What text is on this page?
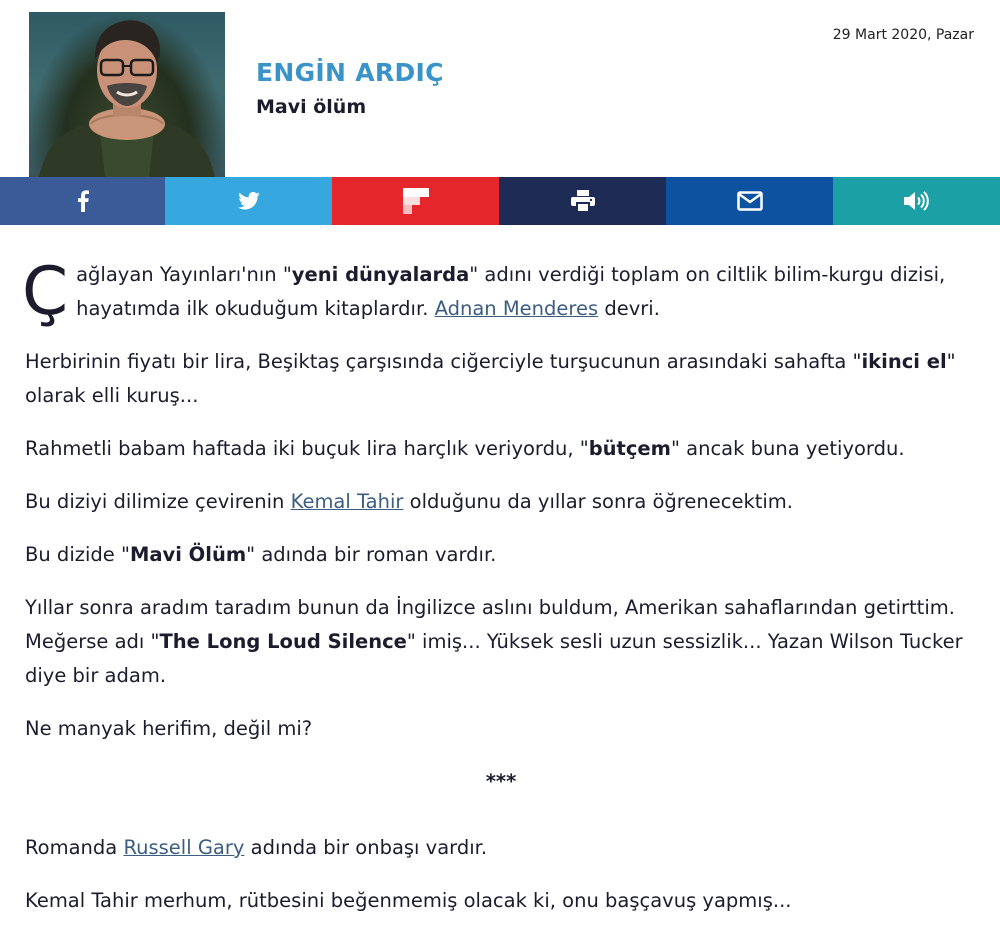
ENGİN ARDIÇ
Mavi ölüm
29 Mart 2020, Pazar

Çağlayan Yayınları'nın "yeni dünyalarda" adını verdiği toplam on ciltlik bilim-kurgu dizisi, hayatımda ilk okuduğum kitaplardır. Adnan Menderes devri.

Herbirinin fiyatı bir lira, Beşiktaş çarşısında ciğerciyle turşucunun arasındaki sahafta "ikinci el" olarak elli kuruş...

Rahmetli babam haftada iki buçuk lira harçlık veriyordu, "bütçem" ancak buna yetiyordu.

Bu diziyi dilimize çevirenin Kemal Tahir olduğunu da yıllar sonra öğrenecektim.

Bu dizide "Mavi Ölüm" adında bir roman vardır.

Yıllar sonra aradım taradım bunun da İngilizce aslını buldum, Amerikan sahaflarından getirttim. Meğerse adı "The Long Loud Silence" imiş... Yüksek sesli uzun sessizlik... Yazan Wilson Tucker diye bir adam.

Ne manyak herifim, değil mi?

***

Romanda Russell Gary adında bir onbaşı vardır.

Kemal Tahir merhum, rütbesini beğenmemiş olacak ki, onu başçavuş yapmış...
